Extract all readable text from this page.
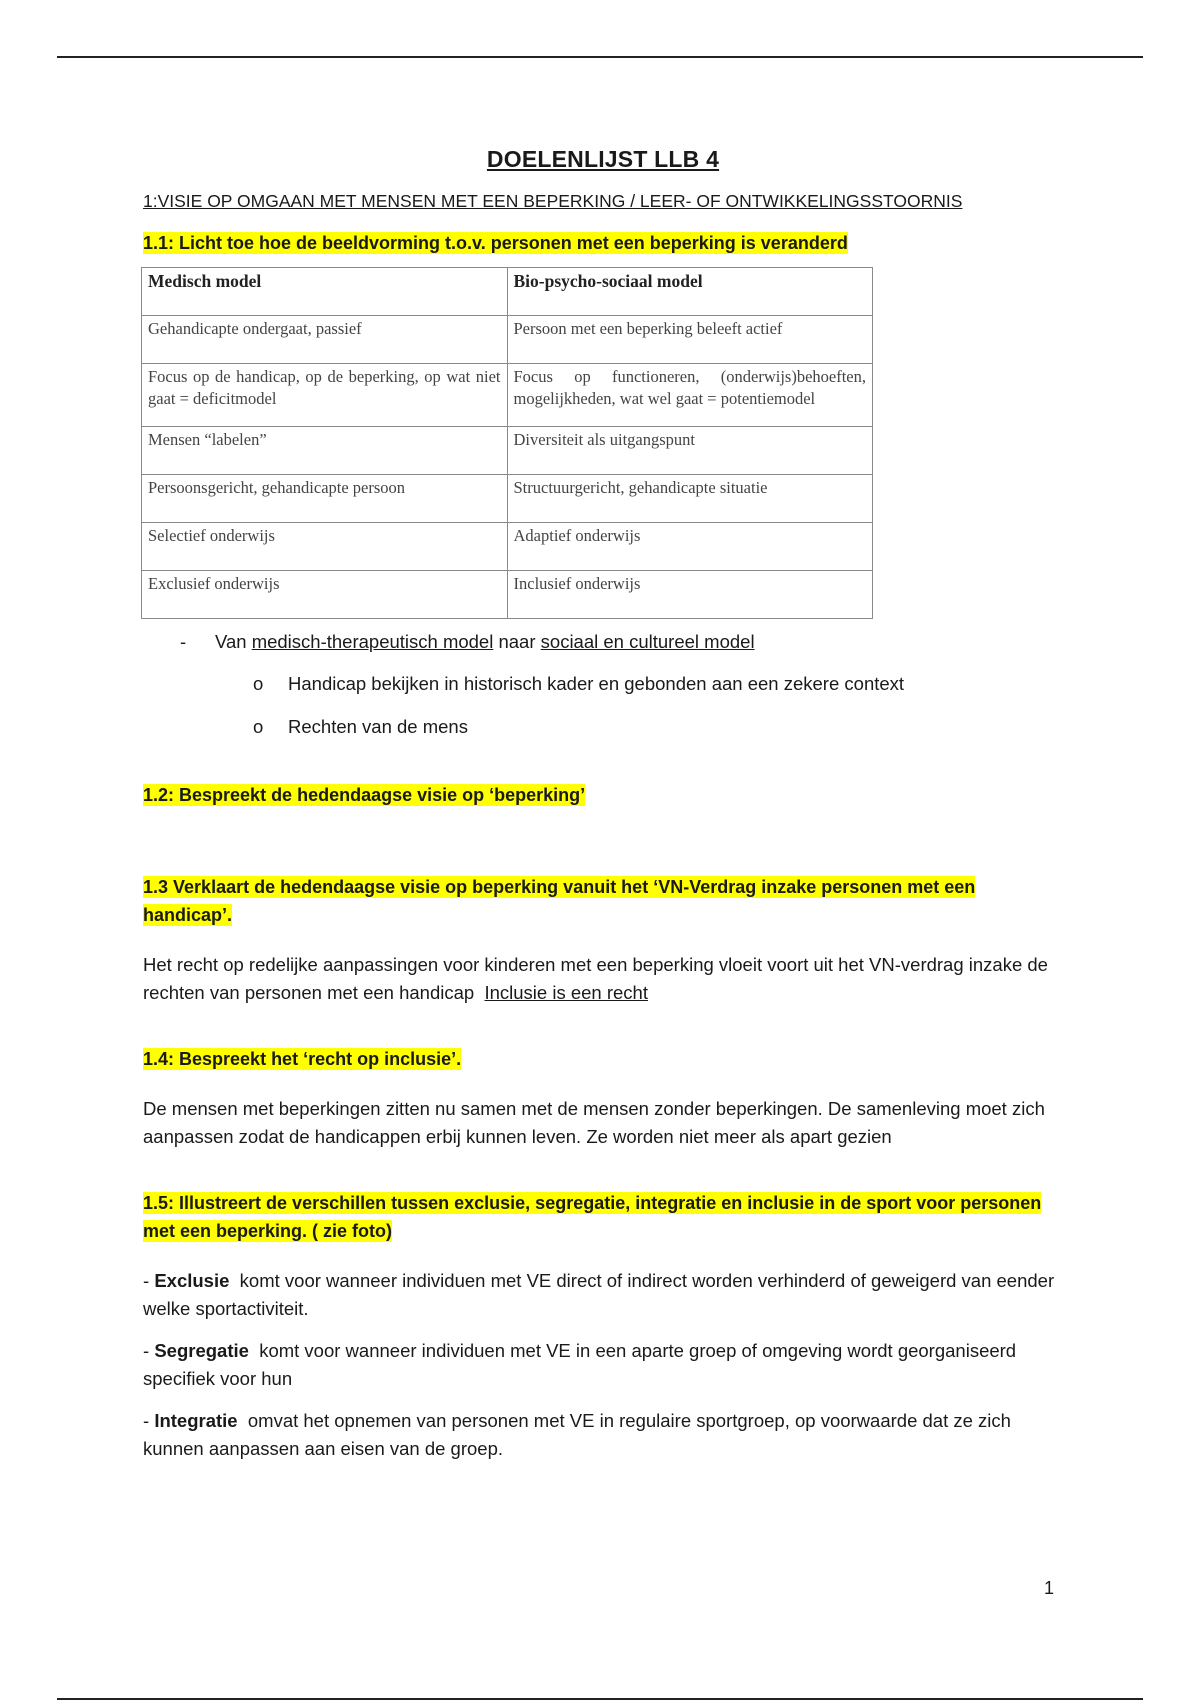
DOELENLIJST LLB 4
1:VISIE OP OMGAAN MET MENSEN MET EEN BEPERKING / LEER- OF ONTWIKKELINGSSTOORNIS
1.1: Licht toe hoe de beeldvorming t.o.v. personen met een beperking is veranderd
Medisch model	Bio-psycho-sociaal model
Gehandicapte ondergaat, passief	Persoon met een beperking beleeft actief
Focus op de handicap, op de beperking, op wat niet gaat = deficitmodel	Focus op functioneren, (onderwijs)behoeften, mogelijkheden, wat wel gaat = potentiemodel
Mensen “labelen”	Diversiteit als uitgangspunt
Persoonsgericht, gehandicapte persoon	Structuurgericht, gehandicapte situatie
Selectief onderwijs	Adaptief onderwijs
Exclusief onderwijs	Inclusief onderwijs
- Van medisch-therapeutisch model naar sociaal en cultureel model
o Handicap bekijken in historisch kader en gebonden aan een zekere context
o Rechten van de mens
1.2: Bespreekt de hedendaagse visie op ‘beperking’
1.3 Verklaart de hedendaagse visie op beperking vanuit het ‘VN-Verdrag inzake personen met een handicap’.

Het recht op redelijke aanpassingen voor kinderen met een beperking vloeit voort uit het VN-verdrag inzake de rechten van personen met een handicap Inclusie is een recht

1.4: Bespreekt het ‘recht op inclusie’.

De mensen met beperkingen zitten nu samen met de mensen zonder beperkingen. De samenleving moet zich aanpassen zodat de handicappen erbij kunnen leven. Ze worden niet meer als apart gezien

1.5: Illustreert de verschillen tussen exclusie, segregatie, integratie en inclusie in de sport voor personen met een beperking. ( zie foto)

- Exclusie komt voor wanneer individuen met VE direct of indirect worden verhinderd of geweigerd van eender welke sportactiviteit.

- Segregatie komt voor wanneer individuen met VE in een aparte groep of omgeving wordt georganiseerd specifiek voor hun

- Integratie omvat het opnemen van personen met VE in regulaire sportgroep, op voorwaarde dat ze zich kunnen aanpassen aan eisen van de groep.

1
